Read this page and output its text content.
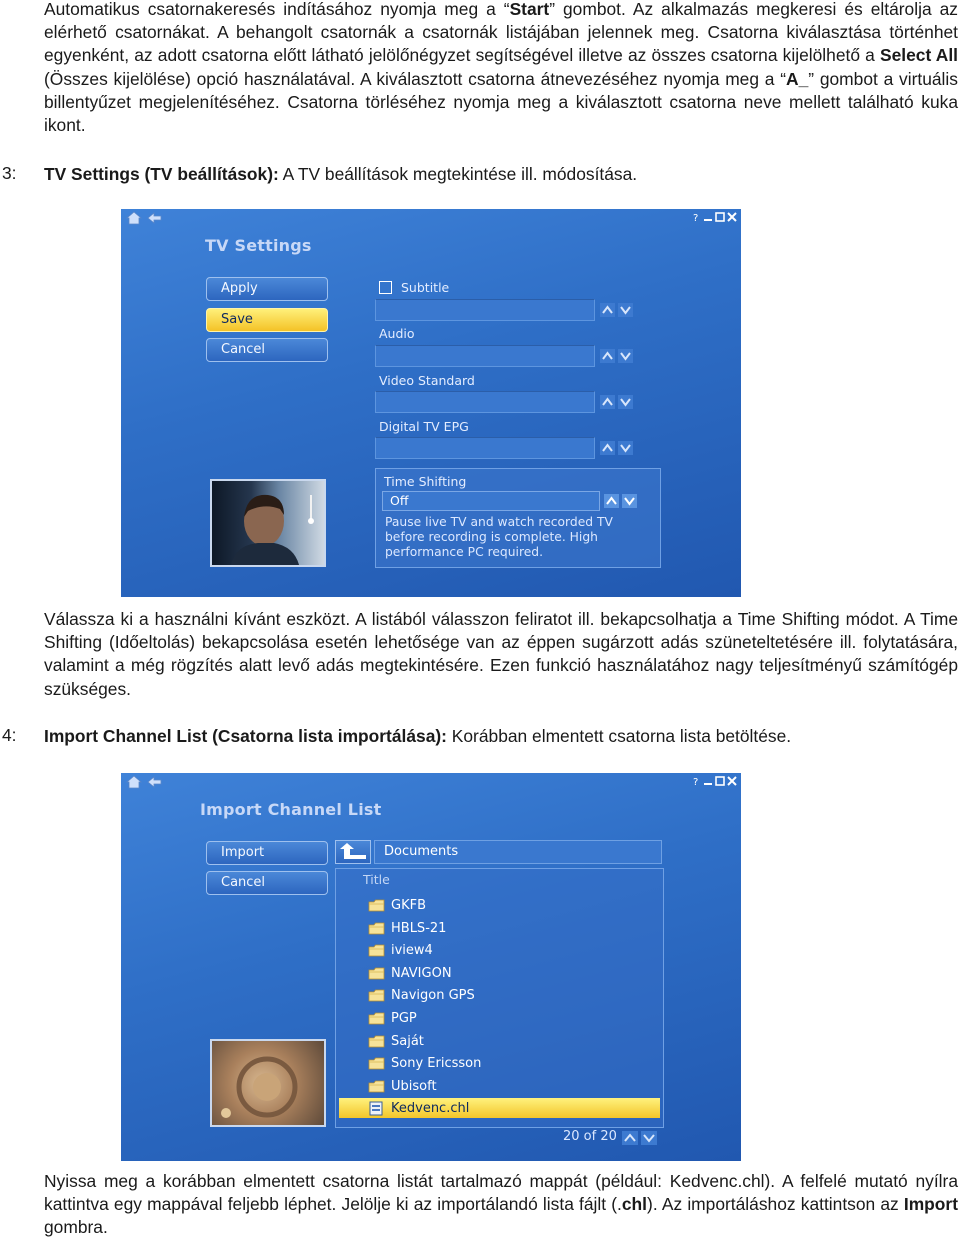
Automatikus csatornakeresés indításához nyomja meg a “Start” gombot. Az alkalmazás megkeresi és eltárolja az elérhető csatornákat. A behangolt csatornák a csatornák listájában jelennek meg. Csatorna kiválasztása történhet egyenként, az adott csatorna előtt látható jelölőnégyzet segítségével illetve az összes csatorna kijelölhető a Select All (Összes kijelölése) opció használatával. A kiválasztott csatorna átnevezéséhez nyomja meg a “A_” gombot a virtuális billentyűzet megjelenítéséhez. Csatorna törléséhez nyomja meg a kiválasztott csatorna neve mellett található kuka ikont.
3: TV Settings (TV beállítások): A TV beállítások megtekintése ill. módosítása.
?
TV Settings
Apply
Save
Cancel
Subtitle
Audio
Video Standard
Digital TV EPG
Time Shifting
Off
Pause live TV and watch recorded TV before recording is complete. High performance PC required.
Válassza ki a használni kívánt eszközt. A listából válasszon feliratot ill. bekapcsolhatja a Time Shifting módot. A Time Shifting (Időeltolás) bekapcsolása esetén lehetősége van az éppen sugárzott adás szüneteltetésére ill. folytatására, valamint a még rögzítés alatt levő adás megtekintésére. Ezen funkció használatához nagy teljesítményű számítógép szükséges.
4: Import Channel List (Csatorna lista importálása): Korábban elmentett csatorna lista betöltése.
?
Import Channel List
Import
Cancel
Documents
Title
GKFB
HBLS-21
iview4
NAVIGON
Navigon GPS
PGP
Saját
Sony Ericsson
Ubisoft
Kedvenc.chl
20 of 20
Nyissa meg a korábban elmentett csatorna listát tartalmazó mappát (például: Kedvenc.chl). A felfelé mutató nyílra kattintva egy mappával feljebb léphet. Jelölje ki az importálandó lista fájlt (.chl). Az importáláshoz kattintson az Import gombra.
